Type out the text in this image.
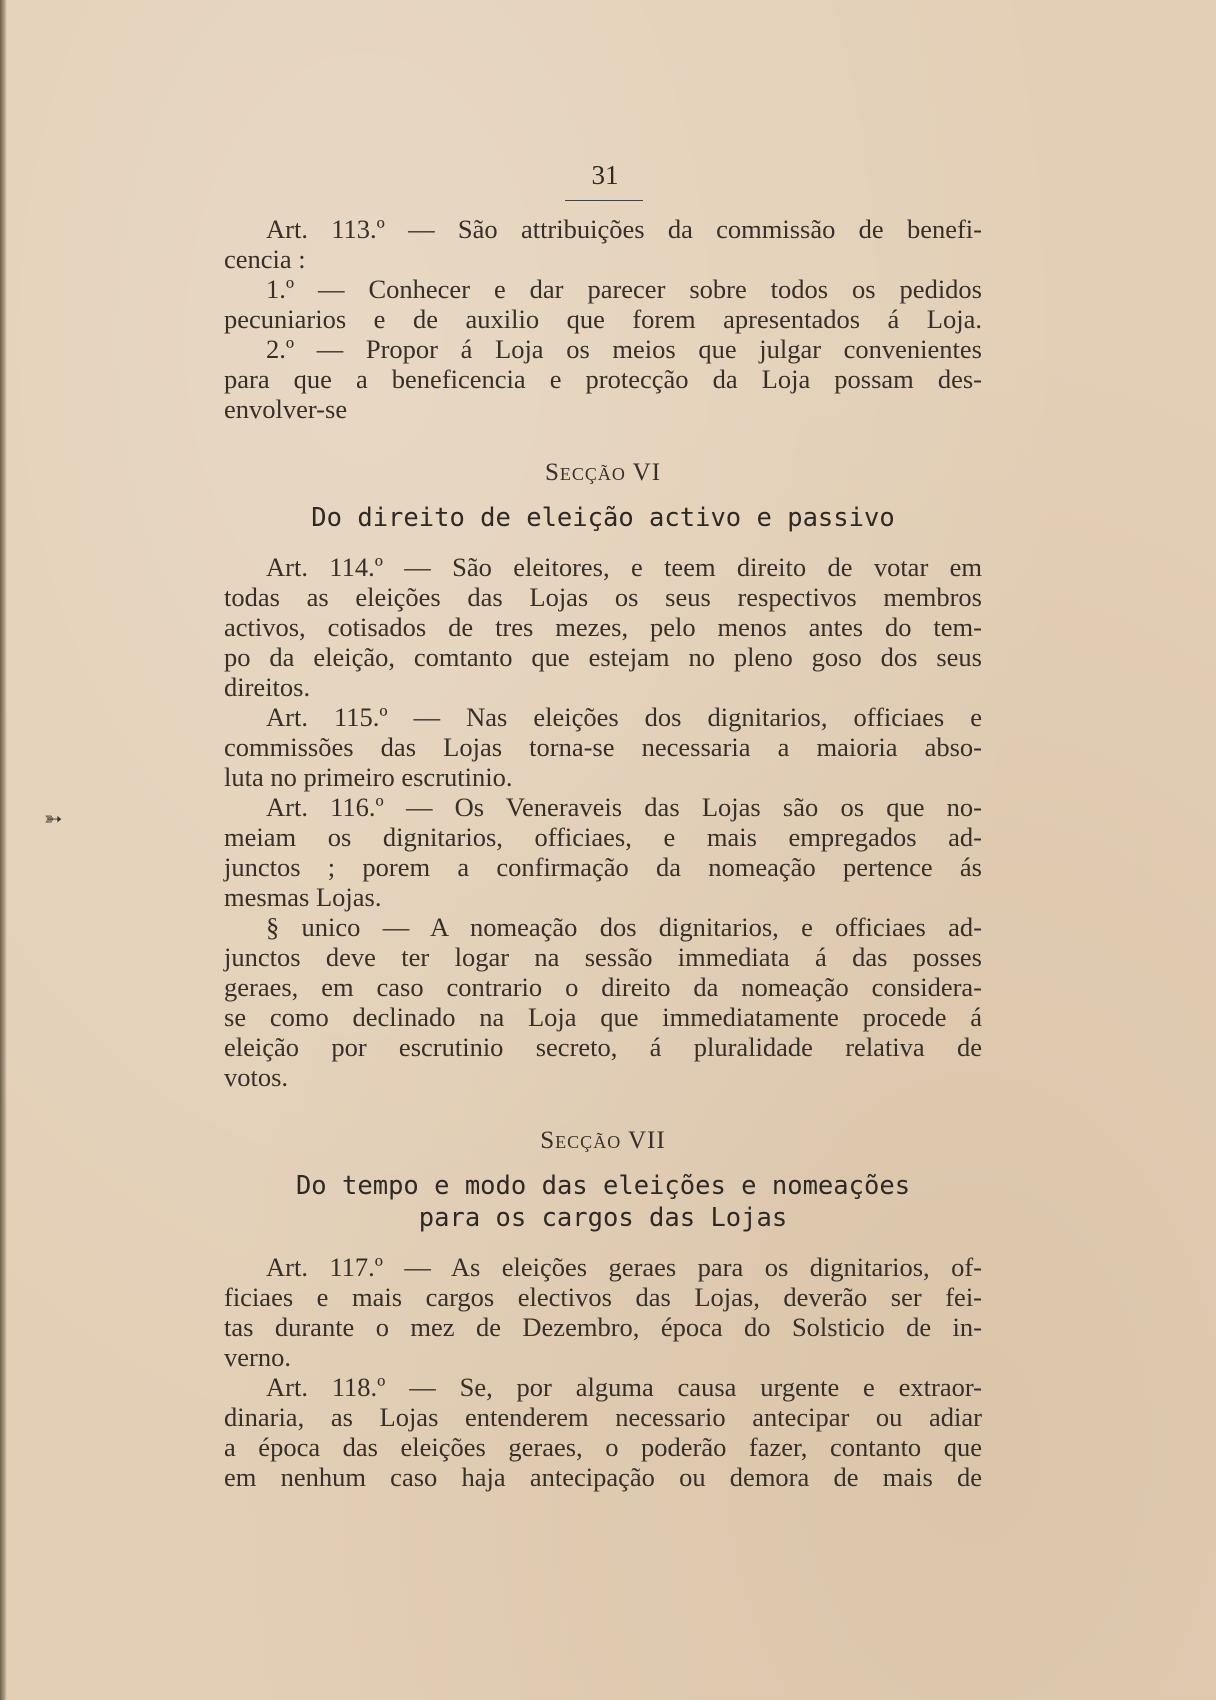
➳
31
Art. 113.º — São attribuições da commissão de benefi-
cencia :
1.º — Conhecer e dar parecer sobre todos os pedidos
pecuniarios e de auxilio que forem apresentados á Loja.
2.º — Propor á Loja os meios que julgar convenientes
para que a beneficencia e protecção da Loja possam des-
envolver-se
Secção VI
Do direito de eleição activo e passivo
Art. 114.º — São eleitores, e teem direito de votar em
todas as eleições das Lojas os seus respectivos membros
activos, cotisados de tres mezes, pelo menos antes do tem-
po da eleição, comtanto que estejam no pleno goso dos seus
direitos.
Art. 115.º — Nas eleições dos dignitarios, officiaes e
commissões das Lojas torna-se necessaria a maioria abso-
luta no primeiro escrutinio.
Art. 116.º — Os Veneraveis das Lojas são os que no-
meiam os dignitarios, officiaes, e mais empregados ad-
junctos ; porem a confirmação da nomeação pertence ás
mesmas Lojas.
§ unico — A nomeação dos dignitarios, e officiaes ad-
junctos deve ter logar na sessão immediata á das posses
geraes, em caso contrario o direito da nomeação considera-
se como declinado na Loja que immediatamente procede á
eleição por escrutinio secreto, á pluralidade relativa de
votos.
Secção VII
Do tempo e modo das eleições e nomeações
para os cargos das Lojas
Art. 117.º — As eleições geraes para os dignitarios, of-
ficiaes e mais cargos electivos das Lojas, deverão ser fei-
tas durante o mez de Dezembro, época do Solsticio de in-
verno.
Art. 118.º — Se, por alguma causa urgente e extraor-
dinaria, as Lojas entenderem necessario antecipar ou adiar
a época das eleições geraes, o poderão fazer, contanto que
em nenhum caso haja antecipação ou demora de mais de
